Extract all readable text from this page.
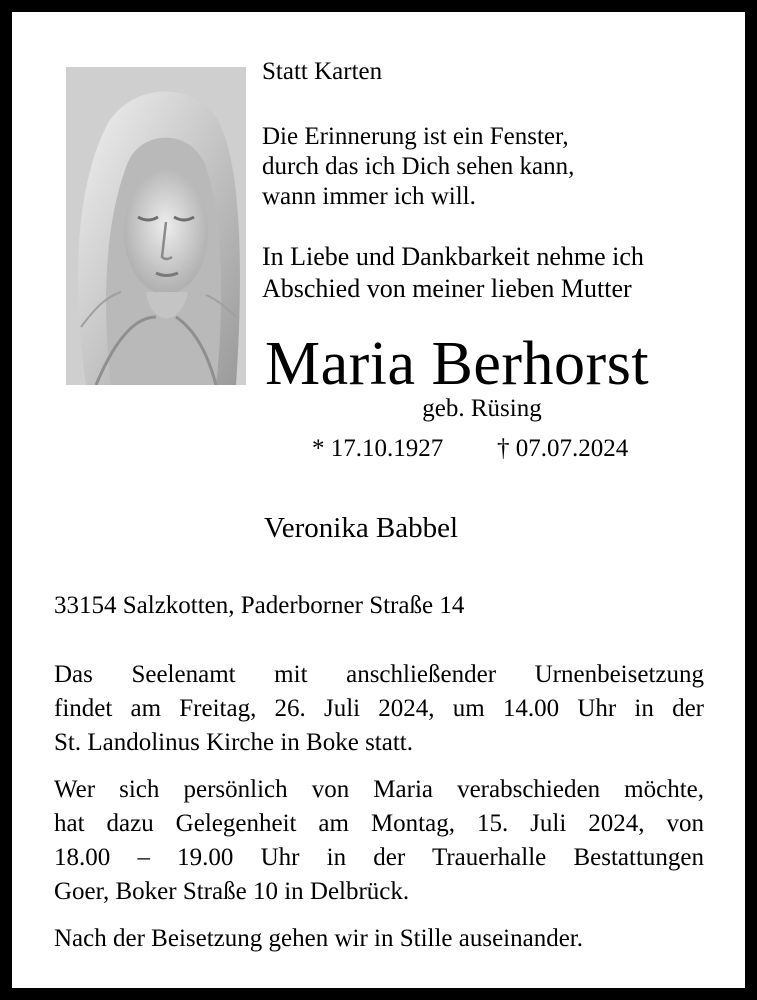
Statt Karten
Die Erinnerung ist ein Fenster,
durch das ich Dich sehen kann,
wann immer ich will.
In Liebe und Dankbarkeit nehme ich
Abschied von meiner lieben Mutter
Maria Berhorst
geb. Rüsing
* 17.10.1927 † 07.07.2024
Veronika Babbel
33154 Salzkotten, Paderborner Straße 14
Das Seelenamt mit anschließender Urnenbeisetzung
findet am Freitag, 26. Juli 2024, um 14.00 Uhr in der
St. Landolinus Kirche in Boke statt.
Wer sich persönlich von Maria verabschieden möchte,
hat dazu Gelegenheit am Montag, 15. Juli 2024, von
18.00 – 19.00 Uhr in der Trauerhalle Bestattungen
Goer, Boker Straße 10 in Delbrück.
Nach der Beisetzung gehen wir in Stille auseinander.
